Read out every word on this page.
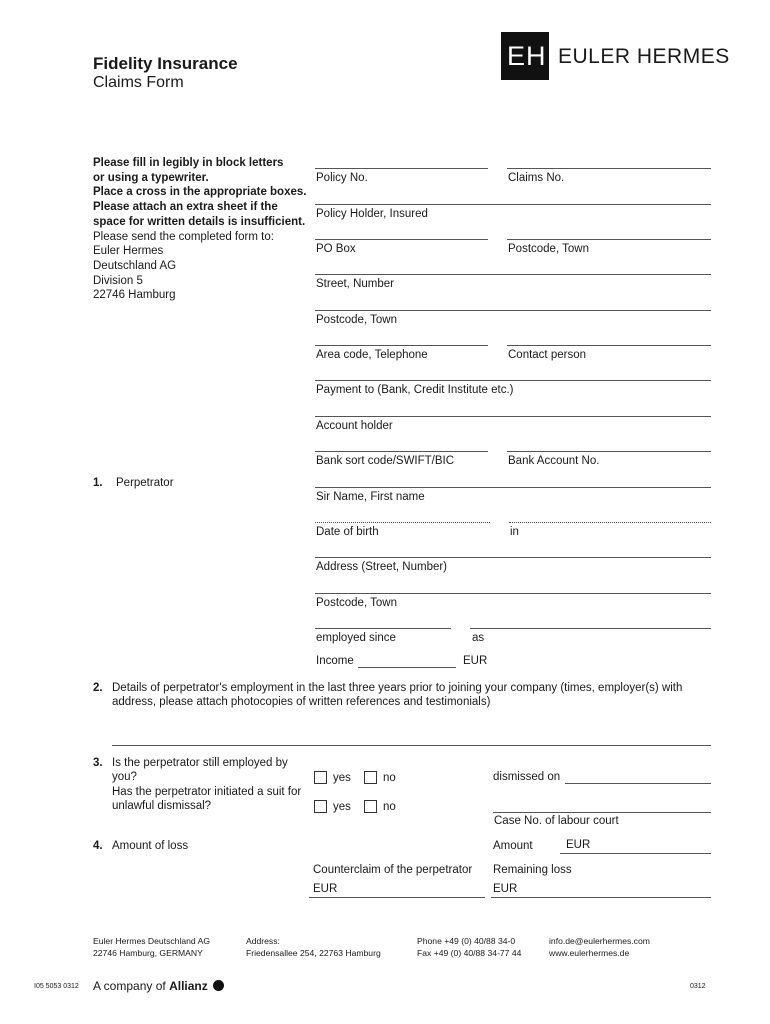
Fidelity Insurance
Claims Form
EH EULER HERMES
Please fill in legibly in block letters
or using a typewriter.
Place a cross in the appropriate boxes.
Please attach an extra sheet if the
space for written details is insufficient.
Please send the completed form to:
Euler Hermes
Deutschland AG
Division 5
22746 Hamburg
Policy No.	Claims No.
Policy Holder, Insured
PO Box	Postcode, Town
Street, Number
Postcode, Town
Area code, Telephone	Contact person
Payment to (Bank, Credit Institute etc.)
Account holder
Bank sort code/SWIFT/BIC	Bank Account No.
1. Perpetrator
Sir Name, First name
Date of birth	in
Address (Street, Number)
Postcode, Town
employed since	as
Income	EUR
2. Details of perpetrator's employment in the last three years prior to joining your company (times, employer(s) with
address, please attach photocopies of written references and testimonials)
3. Is the perpetrator still employed by
you?
Has the perpetrator initiated a suit for
unlawful dismissal?
yes	no	dismissed on
yes	no
Case No. of labour court
4. Amount of loss	Amount	EUR
Counterclaim of the perpetrator Remaining loss
EUR	EUR
Euler Hermes Deutschland AG
22746 Hamburg, GERMANY
Address:
Friedensallee 254, 22763 Hamburg
Phone +49 (0) 40/88 34-0
Fax +49 (0) 40/88 34-77 44
info.de@eulerhermes.com
www.eulerhermes.de
I05 5053 0312 A company of Allianz	0312
